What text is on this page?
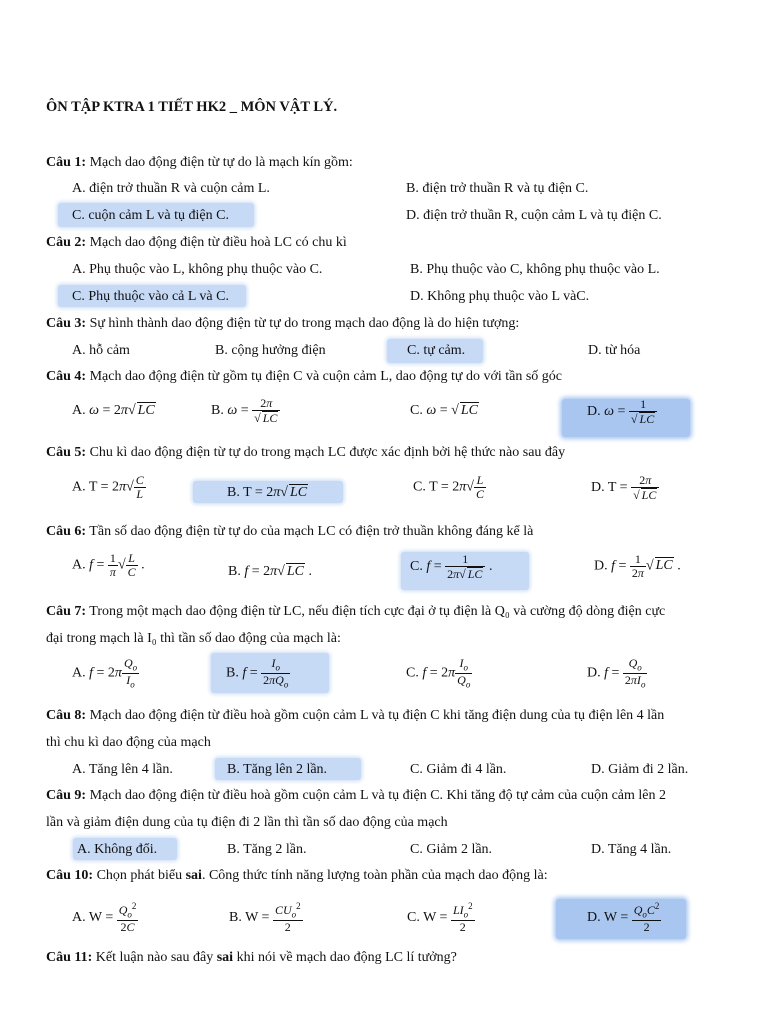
ÔN TẬP KTRA 1 TIẾT HK2 _ MÔN VẬT LÝ.
Câu 1: Mạch dao động điện từ tự do là mạch kín gồm:
A. điện trở thuần R và cuộn cảm L.	B. điện trở thuần R và tụ điện C.
C. cuộn cảm L và tụ điện C.	D. điện trở thuần R, cuộn cảm L và tụ điện C.
Câu 2: Mạch dao động điện từ điều hoà LC có chu kì
A. Phụ thuộc vào L, không phụ thuộc vào C.	B. Phụ thuộc vào C, không phụ thuộc vào L.
C. Phụ thuộc vào cả L và C.	D. Không phụ thuộc vào L vàC.
Câu 3: Sự hình thành dao động điện từ tự do trong mạch dao động là do hiện tượng:
A. hỗ cảm	B. cộng hưởng điện	C. tự cảm.	D. từ hóa
Câu 4: Mạch dao động điện từ gồm tụ điện C và cuộn cảm L, dao động tự do với tần số góc
A. ω = 2π√ LC	B. $\omega = \frac{2\pi}{√ LC}$	C. ω = √ LC	D. $\omega = \frac{1}{√ LC}$
Câu 5: Chu kì dao động điện từ tự do trong mạch LC được xác định bởi hệ thức nào sau đây
A. $T = 2\pi√ \frac{C}{L}$	B. T = 2π√ LC	C. $T = 2\pi√ \frac{L}{C}$	D. $T = \frac{2\pi}{√ LC}$
Câu 6: Tần số dao động điện từ tự do của mạch LC có điện trở thuần không đáng kể là
A. $f = \frac{1}{\pi}$ √ $\frac{L}{C}$ .	B. f = 2π√ LC .	C. $f = \frac{1}{2\pi√ LC}$ .	D. $f = \frac{1}{2\pi}$ √ LC .
Câu 7: Trong một mạch dao động điện từ LC, nếu điện tích cực đại ở tụ điện là Q₀ và cường độ dòng điện cực
đại trong mạch là I₀ thì tần số dao động của mạch là:
A. $f = 2\pi \frac{Q_o}{I_o}$	B. $f = \frac{I_o}{2\pi Q_o}$	C. $f = 2\pi \frac{I_o}{Q_o}$	D. $f = \frac{Q_o}{2\pi I_o}$
Câu 8: Mạch dao động điện từ điều hoà gồm cuộn cảm L và tụ điện C khi tăng điện dung của tụ điện lên 4 lần
thì chu kì dao động của mạch
A. Tăng lên 4 lần.	B. Tăng lên 2 lần.	C. Giảm đi 4 lần.	D. Giảm đi 2 lần.
Câu 9: Mạch dao động điện từ điều hoà gồm cuộn cảm L và tụ điện C. Khi tăng độ tự cảm của cuộn cảm lên 2
lần và giảm điện dung của tụ điện đi 2 lần thì tần số dao động của mạch
A. Không đổi.	B. Tăng 2 lần.	C. Giảm 2 lần.	D. Tăng 4 lần.
Câu 10: Chọn phát biểu sai. Công thức tính năng lượng toàn phần của mạch dao động là:
A. $W = \frac{Q_o^2}{2C}$	B. $W = \frac{CU_o^2}{2}$	C. $W = \frac{LI_o^2}{2}$	D. $W = \frac{Q_oC^2}{2}$
Câu 11: Kết luận nào sau đây sai khi nói về mạch dao động LC lí tưởng?
